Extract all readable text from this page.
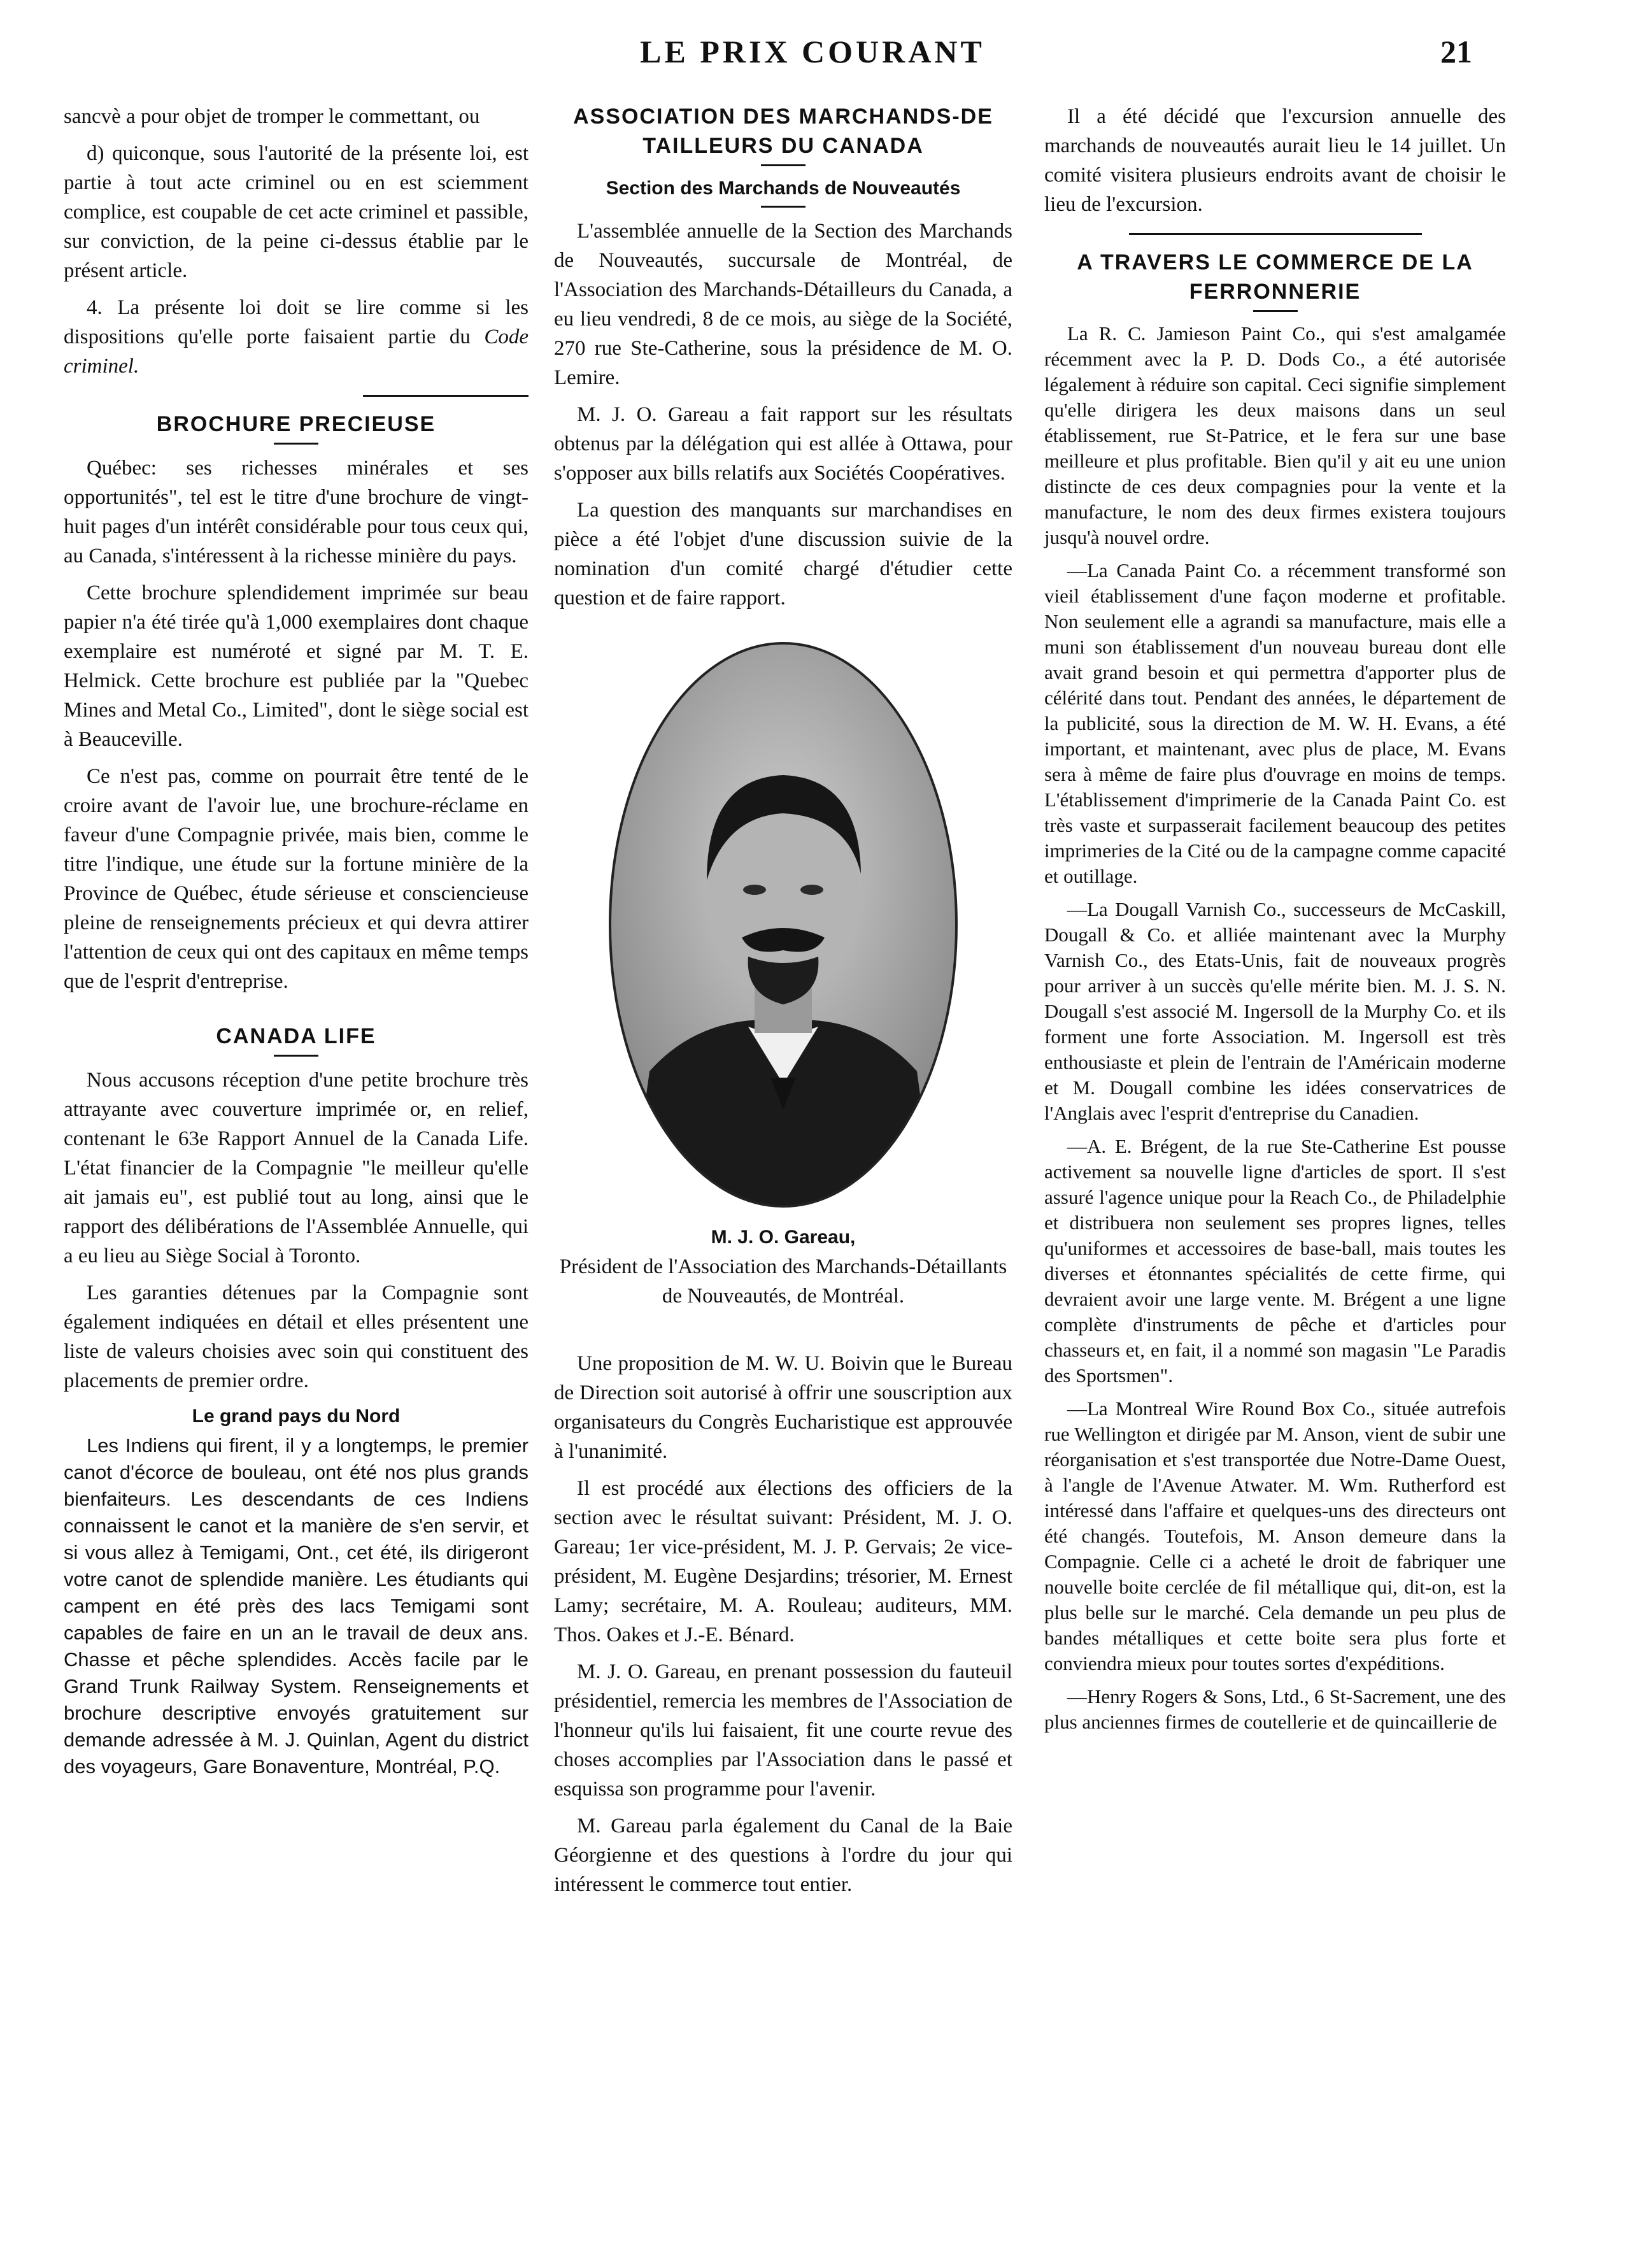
LE PRIX COURANT	21

sancvè a pour objet de tromper le commettant, ou

d) quiconque, sous l'autorité de la présente loi, est partie à tout acte criminel ou en est sciemment complice, est coupable de cet acte criminel et passible, sur conviction, de la peine ci-dessus établie par le présent article.

4. La présente loi doit se lire comme si les dispositions qu'elle porte faisaient partie du Code criminel.

BROCHURE PRECIEUSE

Québec: ses richesses minérales et ses opportunités", tel est le titre d'une brochure de vingt-huit pages d'un intérêt considérable pour tous ceux qui, au Canada, s'intéressent à la richesse minière du pays.

Cette brochure splendidement imprimée sur beau papier n'a été tirée qu'à 1,000 exemplaires dont chaque exemplaire est numéroté et signé par M. T. E. Helmick. Cette brochure est publiée par la "Quebec Mines and Metal Co., Limited", dont le siège social est à Beauceville.

Ce n'est pas, comme on pourrait être tenté de le croire avant de l'avoir lue, une brochure-réclame en faveur d'une Compagnie privée, mais bien, comme le titre l'indique, une étude sur la fortune minière de la Province de Québec, étude sérieuse et consciencieuse pleine de renseignements précieux et qui devra attirer l'attention de ceux qui ont des capitaux en même temps que de l'esprit d'entreprise.

CANADA LIFE

Nous accusons réception d'une petite brochure très attrayante avec couverture imprimée or, en relief, contenant le 63e Rapport Annuel de la Canada Life. L'état financier de la Compagnie "le meilleur qu'elle ait jamais eu", est publié tout au long, ainsi que le rapport des délibérations de l'Assemblée Annuelle, qui a eu lieu au Siège Social à Toronto.

Les garanties détenues par la Compagnie sont également indiquées en détail et elles présentent une liste de valeurs choisies avec soin qui constituent des placements de premier ordre.

Le grand pays du Nord

Les Indiens qui firent, il y a longtemps, le premier canot d'écorce de bouleau, ont été nos plus grands bienfaiteurs. Les descendants de ces Indiens connaissent le canot et la manière de s'en servir, et si vous allez à Temigami, Ont., cet été, ils dirigeront votre canot de splendide manière. Les étudiants qui campent en été près des lacs Temigami sont capables de faire en un an le travail de deux ans. Chasse et pêche splendides. Accès facile par le Grand Trunk Railway System. Renseignements et brochure descriptive envoyés gratuitement sur demande adressée à M. J. Quinlan, Agent du district des voyageurs, Gare Bonaventure, Montréal, P.Q.

ASSOCIATION DES MARCHANDS-DE TAILLEURS DU CANADA
Section des Marchands de Nouveautés

L'assemblée annuelle de la Section des Marchands de Nouveautés, succursale de Montréal, de l'Association des Marchands-Détailleurs du Canada, a eu lieu vendredi, 8 de ce mois, au siège de la Société, 270 rue Ste-Catherine, sous la présidence de M. O. Lemire.

M. J. O. Gareau a fait rapport sur les résultats obtenus par la délégation qui est allée à Ottawa, pour s'opposer aux bills relatifs aux Sociétés Coopératives.

La question des manquants sur marchandises en pièce a été l'objet d'une discussion suivie de la nomination d'un comité chargé d'étudier cette question et de faire rapport.

M. J. O. Gareau,
Président de l'Association des Marchands-Détaillants de Nouveautés, de Montréal.

Une proposition de M. W. U. Boivin que le Bureau de Direction soit autorisé à offrir une souscription aux organisateurs du Congrès Eucharistique est approuvée à l'unanimité.

Il est procédé aux élections des officiers de la section avec le résultat suivant: Président, M. J. O. Gareau; 1er vice-président, M. J. P. Gervais; 2e vice-président, M. Eugène Desjardins; trésorier, M. Ernest Lamy; secrétaire, M. A. Rouleau; auditeurs, MM. Thos. Oakes et J.-E. Bénard.

M. J. O. Gareau, en prenant possession du fauteuil présidentiel, remercia les membres de l'Association de l'honneur qu'ils lui faisaient, fit une courte revue des choses accomplies par l'Association dans le passé et esquissa son programme pour l'avenir.

M. Gareau parla également du Canal de la Baie Géorgienne et des questions à l'ordre du jour qui intéressent le commerce tout entier.

Il a été décidé que l'excursion annuelle des marchands de nouveautés aurait lieu le 14 juillet. Un comité visitera plusieurs endroits avant de choisir le lieu de l'excursion.

A TRAVERS LE COMMERCE DE LA FERRONNERIE

La R. C. Jamieson Paint Co., qui s'est amalgamée récemment avec la P. D. Dods Co., a été autorisée légalement à réduire son capital. Ceci signifie simplement qu'elle dirigera les deux maisons dans un seul établissement, rue St-Patrice, et le fera sur une base meilleure et plus profitable. Bien qu'il y ait eu une union distincte de ces deux compagnies pour la vente et la manufacture, le nom des deux firmes existera toujours jusqu'à nouvel ordre.

—La Canada Paint Co. a récemment transformé son vieil établissement d'une façon moderne et profitable. Non seulement elle a agrandi sa manufacture, mais elle a muni son établissement d'un nouveau bureau dont elle avait grand besoin et qui permettra d'apporter plus de célérité dans tout. Pendant des années, le département de la publicité, sous la direction de M. W. H. Evans, a été important, et maintenant, avec plus de place, M. Evans sera à même de faire plus d'ouvrage en moins de temps. L'établissement d'imprimerie de la Canada Paint Co. est très vaste et surpasserait facilement beaucoup des petites imprimeries de la Cité ou de la campagne comme capacité et outillage.

—La Dougall Varnish Co., successeurs de McCaskill, Dougall & Co. et alliée maintenant avec la Murphy Varnish Co., des Etats-Unis, fait de nouveaux progrès pour arriver à un succès qu'elle mérite bien. M. J. S. N. Dougall s'est associé M. Ingersoll de la Murphy Co. et ils forment une forte Association. M. Ingersoll est très enthousiaste et plein de l'entrain de l'Américain moderne et M. Dougall combine les idées conservatrices de l'Anglais avec l'esprit d'entreprise du Canadien.

—A. E. Brégent, de la rue Ste-Catherine Est pousse activement sa nouvelle ligne d'articles de sport. Il s'est assuré l'agence unique pour la Reach Co., de Philadelphie et distribuera non seulement ses propres lignes, telles qu'uniformes et accessoires de base-ball, mais toutes les diverses et étonnantes spécialités de cette firme, qui devraient avoir une large vente. M. Brégent a une ligne complète d'instruments de pêche et d'articles pour chasseurs et, en fait, il a nommé son magasin "Le Paradis des Sportsmen".

—La Montreal Wire Round Box Co., située autrefois rue Wellington et dirigée par M. Anson, vient de subir une réorganisation et s'est transportée due Notre-Dame Ouest, à l'angle de l'Avenue Atwater. M. Wm. Rutherford est intéressé dans l'affaire et quelques-uns des directeurs ont été changés. Toutefois, M. Anson demeure dans la Compagnie. Celle ci a acheté le droit de fabriquer une nouvelle boite cerclée de fil métallique qui, dit-on, est la plus belle sur le marché. Cela demande un peu plus de bandes métalliques et cette boite sera plus forte et conviendra mieux pour toutes sortes d'expéditions.

—Henry Rogers & Sons, Ltd., 6 St-Sacrement, une des plus anciennes firmes de coutellerie et de quincaillerie de
